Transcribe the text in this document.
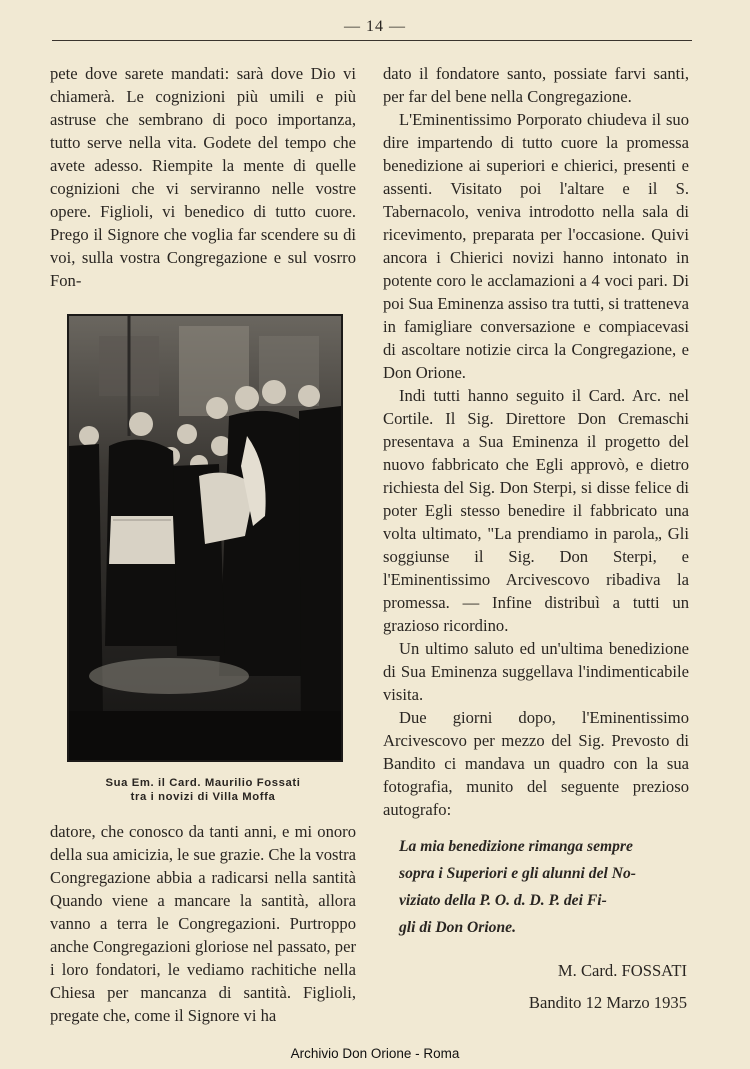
— 14 —

pete dove sarete mandati: sarà dove Dio vi chiamerà. Le cognizioni più umili e più astruse che sembrano di poco importanza, tutto serve nella vita. Godete del tempo che avete adesso. Riempite la mente di quelle cognizioni che vi serviranno nelle vostre opere. Figlioli, vi benedico di tutto cuore. Prego il Signore che voglia far scendere su di voi, sulla vostra Congregazione e sul vosrro Fon-

Sua Em. il Card. Maurilio Fossati
tra i novizi di Villa Moffa

datore, che conosco da tanti anni, e mi onoro della sua amicizia, le sue grazie. Che la vostra Congregazione abbia a radicarsi nella santità Quando viene a mancare la santità, allora vanno a terra le Congregazioni. Purtroppo anche Congregazioni gloriose nel passato, per i loro fondatori, le vediamo rachitiche nella Chiesa per mancanza di santità. Figlioli, pregate che, come il Signore vi ha

dato il fondatore santo, possiate farvi santi, per far del bene nella Congregazione.

L'Eminentissimo Porporato chiudeva il suo dire impartendo di tutto cuore la promessa benedizione ai superiori e chierici, presenti e assenti. Visitato poi l'altare e il S. Tabernacolo, veniva introdotto nella sala di ricevimento, preparata per l'occasione. Quivi ancora i Chierici novizi hanno intonato in potente coro le acclamazioni a 4 voci pari. Di poi Sua Eminenza assiso tra tutti, si tratteneva in famigliare conversazione e compiacevasi di ascoltare notizie circa la Congregazione, e Don Orione.

Indi tutti hanno seguito il Card. Arc. nel Cortile. Il Sig. Direttore Don Cremaschi presentava a Sua Eminenza il progetto del nuovo fabbricato che Egli approvò, e dietro richiesta del Sig. Don Sterpi, si disse felice di poter Egli stesso benedire il fabbricato una volta ultimato, "La prendiamo in parola„ Gli soggiunse il Sig. Don Sterpi, e l'Eminentissimo Arcivescovo ribadiva la promessa. — Infine distribuì a tutti un grazioso ricordino.

Un ultimo saluto ed un'ultima benedizione di Sua Eminenza suggellava l'indimenticabile visita.

Due giorni dopo, l'Eminentissimo Arcivescovo per mezzo del Sig. Prevosto di Bandito ci mandava un quadro con la sua fotografia, munito del seguente prezioso autografo:

La mia benedizione rimanga sempre
sopra i Superiori e gli alunni del No-
viziato della P. O. d. D. P. dei Fi-
gli di Don Orione.
M. Card. FOSSATI
Bandito 12 Marzo 1935
Archivio Don Orione - Roma
